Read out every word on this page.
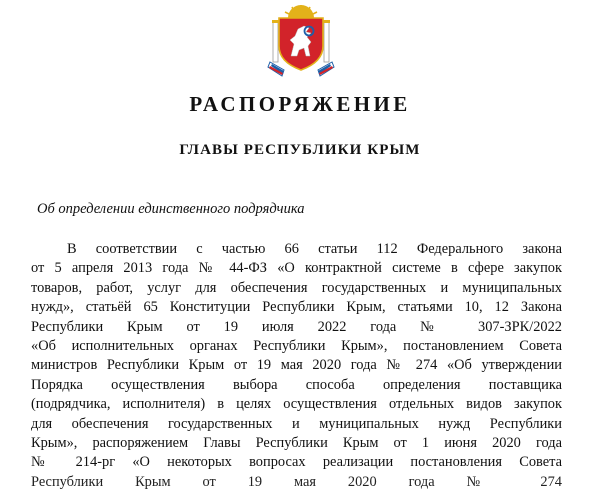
РАСПОРЯЖЕНИЕ
ГЛАВЫ РЕСПУБЛИКИ КРЫМ

Об определении единственного подрядчика

В соответствии с частью 66 статьи 112 Федерального закона
от 5 апреля 2013 года № 44-ФЗ «О контрактной системе в сфере закупок
товаров, работ, услуг для обеспечения государственных и муниципальных
нужд», статьёй 65 Конституции Республики Крым, статьями 10, 12 Закона
Республики Крым от 19 июля 2022 года № 307-ЗРК/2022
«Об исполнительных органах Республики Крым», постановлением Совета
министров Республики Крым от 19 мая 2020 года № 274 «Об утверждении
Порядка осуществления выбора способа определения поставщика
(подрядчика, исполнителя) в целях осуществления отдельных видов закупок
для обеспечения государственных и муниципальных нужд Республики
Крым», распоряжением Главы Республики Крым от 1 июня 2020 года
№ 214-рг «О некоторых вопросах реализации постановления Совета
Республики Крым от 19 мая 2020 года № 274
